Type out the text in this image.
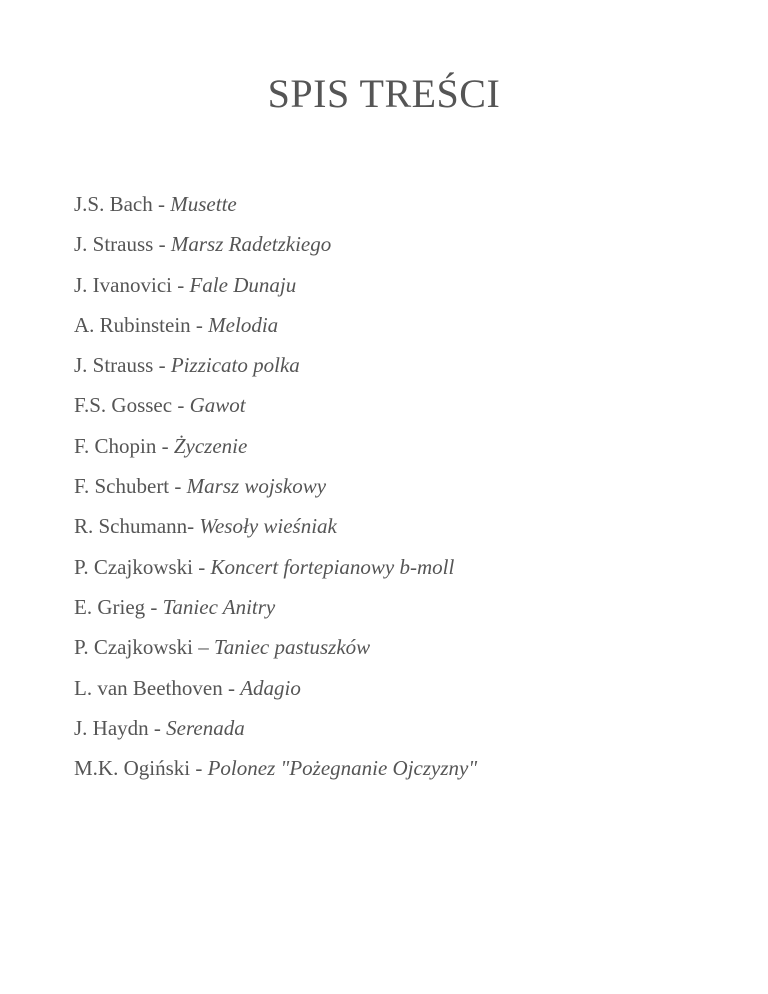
SPIS TREŚCI
J.S. Bach - Musette
J. Strauss - Marsz Radetzkiego
J. Ivanovici - Fale Dunaju
A. Rubinstein - Melodia
J. Strauss - Pizzicato polka
F.S. Gossec - Gawot
F. Chopin - Życzenie
F. Schubert - Marsz wojskowy
R. Schumann- Wesoły wieśniak
P. Czajkowski - Koncert fortepianowy b-moll
E. Grieg - Taniec Anitry
P. Czajkowski – Taniec pastuszków
L. van Beethoven - Adagio
J. Haydn - Serenada
M.K. Ogiński - Polonez "Pożegnanie Ojczyzny"
